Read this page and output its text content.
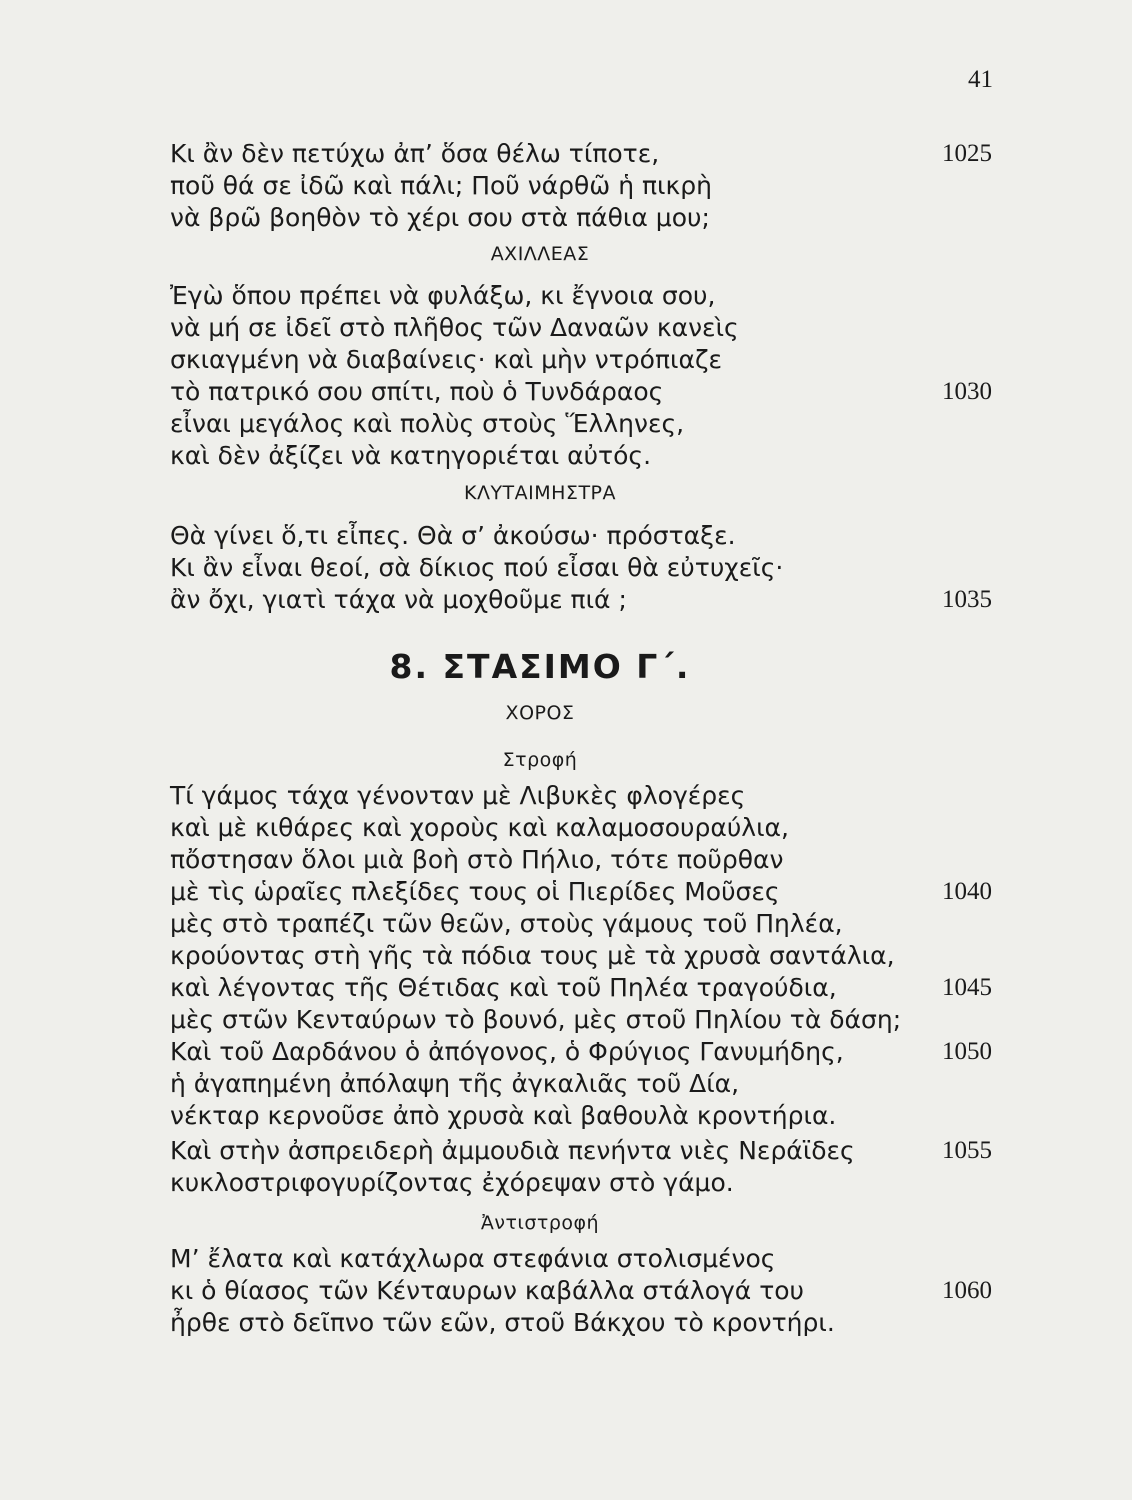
41
Κι ἂν δὲν πετύχω ἀπ’ ὅσα θέλω τίποτε,	1025
ποῦ θά σε ἰδῶ καὶ πάλι; Ποῦ νάρθῶ ἡ πικρὴ
νὰ βρῶ βοηθὸν τὸ χέρι σου στὰ πάθια μου;
ΑΧΙΛΛΕΑΣ
Ἐγὼ ὅπου πρέπει νὰ φυλάξω, κι ἔγνοια σου,
νὰ μή σε ἰδεῖ στὸ πλῆθος τῶν Δαναῶν κανεὶς
σκιαγμένη νὰ διαβαίνεις· καὶ μὴν ντρόπιαζε
τὸ πατρικό σου σπίτι, ποὺ ὁ Τυνδάραος	1030
εἶναι μεγάλος καὶ πολὺς στοὺς Ἕλληνες,
καὶ δὲν ἀξίζει νὰ κατηγοριέται αὐτός.
ΚΛΥΤΑΙΜΗΣΤΡΑ
Θὰ γίνει ὅ,τι εἶπες. Θὰ σ’ ἀκούσω· πρόσταξε.
Κι ἂν εἶναι θεοί, σὰ δίκιος πού εἶσαι θὰ εὐτυχεῖς·
ἂν ὄχι, γιατὶ τάχα νὰ μοχθοῦμε πιά ;	1035
8. ΣΤΑΣΙΜΟ Γ΄.
ΧΟΡΟΣ
Στροφή
Τί γάμος τάχα γένονταν μὲ Λιβυκὲς φλογέρες
καὶ μὲ κιθάρες καὶ χοροὺς καὶ καλαμοσουραύλια,
πὄστησαν ὅλοι μιὰ βοὴ στὸ Πήλιο, τότε ποῦρθαν
μὲ τὶς ὡραῖες πλεξίδες τους οἱ Πιερίδες Μοῦσες	1040
μὲς στὸ τραπέζι τῶν θεῶν, στοὺς γάμους τοῦ Πηλέα,
κρούοντας στὴ γῆς τὰ πόδια τους μὲ τὰ χρυσὰ σαντάλια,
καὶ λέγοντας τῆς Θέτιδας καὶ τοῦ Πηλέα τραγούδια,	1045
μὲς στῶν Κενταύρων τὸ βουνό, μὲς στοῦ Πηλίου τὰ δάση;
Καὶ τοῦ Δαρδάνου ὁ ἀπόγονος, ὁ Φρύγιος Γανυμήδης,	1050
ἡ ἀγαπημένη ἀπόλαψη τῆς ἀγκαλιᾶς τοῦ Δία,
νέκταρ κερνοῦσε ἀπὸ χρυσὰ καὶ βαθουλὰ κροντήρια.
Καὶ στὴν ἀσπρειδερὴ ἀμμουδιὰ πενήντα νιὲς Νεράϊδες	1055
κυκλοστριφογυρίζοντας ἐχόρεψαν στὸ γάμο.
Ἀντιστροφή
Μ’ ἔλατα καὶ κατάχλωρα στεφάνια στολισμένος
κι ὁ θίασος τῶν Κένταυρων καβάλλα στάλογά του	1060
ἦρθε στὸ δεῖπνο τῶν εῶν, στοῦ Βάκχου τὸ κροντήρι.
